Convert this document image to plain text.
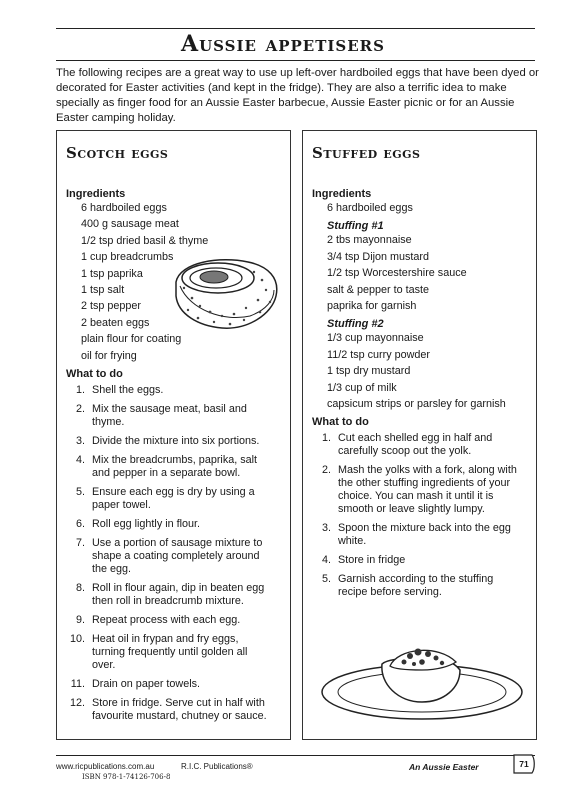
Aussie appetisers
The following recipes are a great way to use up left-over hardboiled eggs that have been dyed or decorated for Easter activities (and kept in the fridge). They are also a terrific idea to make specially as finger food for an Aussie Easter barbecue, Aussie Easter picnic or for an Aussie Easter camping holiday.
Scotch eggs
Ingredients
6 hardboiled eggs
400 g sausage meat
1/2 tsp dried basil & thyme
1 cup breadcrumbs
1 tsp paprika
1 tsp salt
2 tsp pepper
2 beaten eggs
plain flour for coating
oil for frying
What to do
1. Shell the eggs.
2. Mix the sausage meat, basil and thyme.
3. Divide the mixture into six portions.
4. Mix the breadcrumbs, paprika, salt and pepper in a separate bowl.
5. Ensure each egg is dry by using a paper towel.
6. Roll egg lightly in flour.
7. Use a portion of sausage mixture to shape a coating completely around the egg.
8. Roll in flour again, dip in beaten egg then roll in breadcrumb mixture.
9. Repeat process with each egg.
10. Heat oil in frypan and fry eggs, turning frequently until golden all over.
11. Drain on paper towels.
12. Store in fridge. Serve cut in half with favourite mustard, chutney or sauce.
Stuffed eggs
Ingredients
6 hardboiled eggs
Stuffing #1
2 tbs mayonnaise
3/4 tsp Dijon mustard
1/2 tsp Worcestershire sauce
salt & pepper to taste
paprika for garnish
Stuffing #2
1/3 cup mayonnaise
11/2 tsp curry powder
1 tsp dry mustard
1/3 cup of milk
capsicum strips or parsley for garnish
What to do
1. Cut each shelled egg in half and carefully scoop out the yolk.
2. Mash the yolks with a fork, along with the other stuffing ingredients of your choice. You can mash it until it is smooth or leave slightly lumpy.
3. Spoon the mixture back into the egg white.
4. Store in fridge
5. Garnish according to the stuffing recipe before serving.
www.ricpublications.com.au	R.I.C. Publications®
ISBN 978-1-74126-706-8
An Aussie Easter	71
